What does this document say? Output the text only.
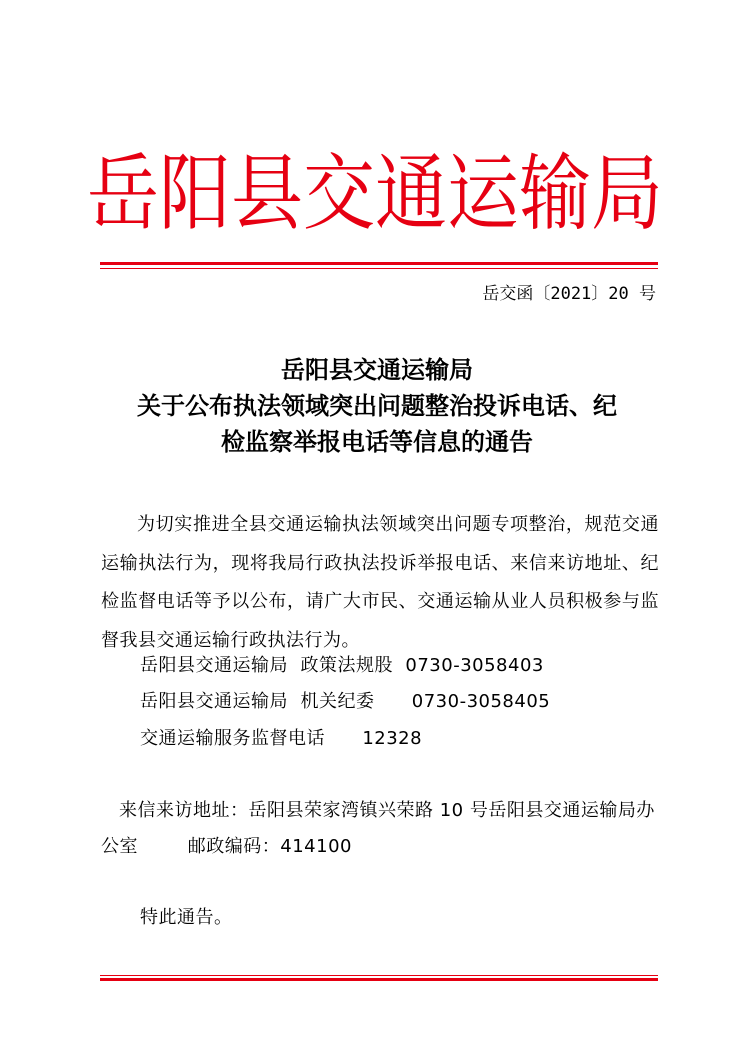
岳阳县交通运输局
岳交函〔2021〕20 号
岳阳县交通运输局
关于公布执法领域突出问题整治投诉电话、纪
检监察举报电话等信息的通告
为切实推进全县交通运输执法领域突出问题专项整治，规范交通运输执法行为，现将我局行政执法投诉举报电话、来信来访地址、纪检监督电话等予以公布，请广大市民、交通运输从业人员积极参与监督我县交通运输行政执法行为。
岳阳县交通运输局  政策法规股  0730-3058403
岳阳县交通运输局  机关纪委      0730-3058405
交通运输服务监督电话      12328
来信来访地址：岳阳县荣家湾镇兴荣路 10 号岳阳县交通运输局办公室        邮政编码：414100
特此通告。
